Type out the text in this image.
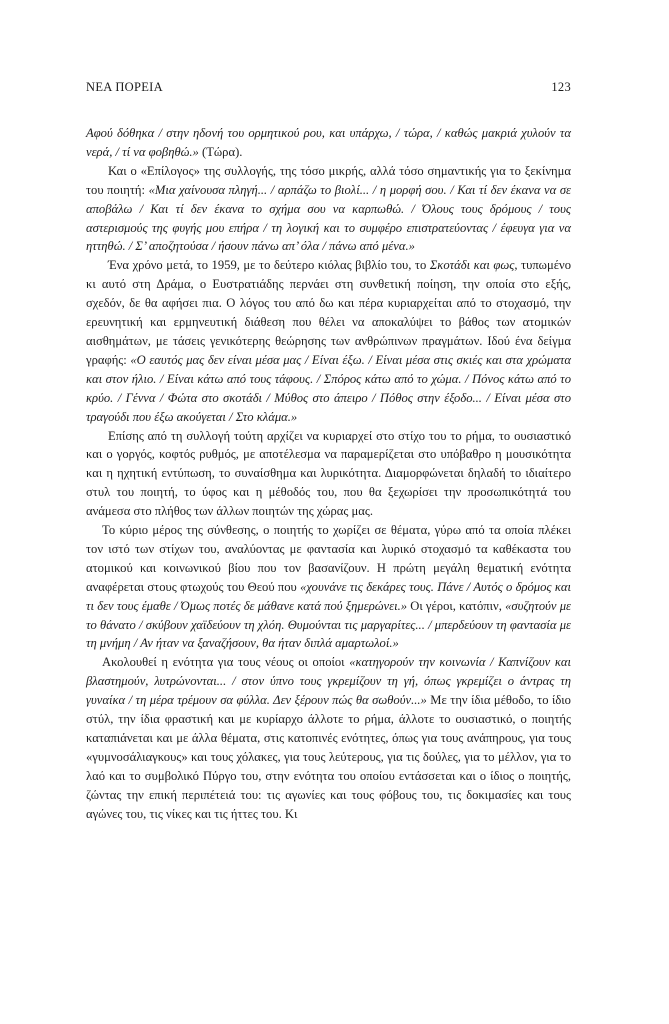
ΝΕΑ ΠΟΡΕΙΑ	123

Αφού δόθηκα / στην ηδονή του ορμητικού ρου, και υπάρχω, / τώρα, / καθώς μακριά χυλούν τα νερά, / τί να φοβηθώ.» (Τώρα).

Και ο «Επίλογος» της συλλογής, της τόσο μικρής, αλλά τόσο σημαντικής για το ξεκίνημα του ποιητή: «Μια χαίνουσα πληγή... / αρπάζω το βιολί... / η μορφή σου. / Και τί δεν έκανα να σε αποβάλω / Και τί δεν έκανα το σχήμα σου να καρπωθώ. / Όλους τους δρόμους / τους αστερισμούς της φυγής μου επήρα / τη λογική και το συμφέρο επιστρατεύοντας / έφευγα για να ηττηθώ. / Σ’ αποζητούσα / ήσουν πάνω απ’ όλα / πάνω από μένα.»

Ένα χρόνο μετά, το 1959, με το δεύτερο κιόλας βιβλίο του, το Σκοτάδι και φως, τυπωμένο κι αυτό στη Δράμα, ο Ευστρατιάδης περνάει στη συνθετική ποίηση, την οποία στο εξής, σχεδόν, δε θα αφήσει πια. Ο λόγος του από δω και πέρα κυριαρχείται από το στοχασμό, την ερευνητική και ερμηνευτική διάθεση που θέλει να αποκαλύψει το βάθος των ατομικών αισθημάτων, με τάσεις γενικότερης θεώρησης των ανθρώπινων πραγμάτων. Ιδού ένα δείγμα γραφής: «Ο εαυτός μας δεν είναι μέσα μας / Είναι έξω. / Είναι μέσα στις σκιές και στα χρώματα και στον ήλιο. / Είναι κάτω από τους τάφους. / Σπόρος κάτω από το χώμα. / Πόνος κάτω από το κρύο. / Γέννα / Φώτα στο σκοτάδι / Μύθος στο άπειρο / Πόθος στην έξοδο... / Είναι μέσα στο τραγούδι που έξω ακούγεται / Στο κλάμα.»

Επίσης από τη συλλογή τούτη αρχίζει να κυριαρχεί στο στίχο του το ρήμα, το ουσιαστικό και ο γοργός, κοφτός ρυθμός, με αποτέλεσμα να παραμερίζεται στο υπόβαθρο η μουσικότητα και η ηχητική εντύπωση, το συναίσθημα και λυρικότητα. Διαμορφώνεται δηλαδή το ιδιαίτερο στυλ του ποιητή, το ύφος και η μέθοδός του, που θα ξεχωρίσει την προσωπικότητά του ανάμεσα στο πλήθος των άλλων ποιητών της χώρας μας.

Το κύριο μέρος της σύνθεσης, ο ποιητής το χωρίζει σε θέματα, γύρω από τα οποία πλέκει τον ιστό των στίχων του, αναλύοντας με φαντασία και λυρικό στοχασμό τα καθέκαστα του ατομικού και κοινωνικού βίου που τον βασανίζουν. Η πρώτη μεγάλη θεματική ενότητα αναφέρεται στους φτωχούς του Θεού που «χουνάνε τις δεκάρες τους. Πάνε / Αυτός ο δρόμος και τι δεν τους έμαθε / Όμως ποτές δε μάθανε κατά πού ξημερώνει.» Οι γέροι, κατόπιν, «συζητούν με το θάνατο / σκύβουν χαϊδεύουν τη χλόη. Θυμούνται τις μαργαρίτες... / μπερδεύουν τη φαντασία με τη μνήμη / Αν ήταν να ξαναζήσουν, θα ήταν διπλά αμαρτωλοί.»

Ακολουθεί η ενότητα για τους νέους οι οποίοι «κατηγορούν την κοινωνία / Καπνίζουν και βλαστημούν, λυτρώνονται... / στον ύπνο τους γκρεμίζουν τη γή, όπως γκρεμίζει ο άντρας τη γυναίκα / τη μέρα τρέμουν σα φύλλα. Δεν ξέρουν πώς θα σωθούν...» Με την ίδια μέθοδο, το ίδιο στύλ, την ίδια φραστική και με κυρίαρχο άλλοτε το ρήμα, άλλοτε το ουσιαστικό, ο ποιητής καταπιάνεται και με άλλα θέματα, στις κατοπινές ενότητες, όπως για τους ανάπηρους, για τους «γυμνοσάλιαγκους» και τους χόλακες, για τους λεύτερους, για τις δούλες, για το μέλλον, για το λαό και το συμβολικό Πύργο του, στην ενότητα του οποίου εντάσσεται και ο ίδιος ο ποιητής, ζώντας την επική περιπέτειά του: τις αγωνίες και τους φόβους του, τις δοκιμασίες και τους αγώνες του, τις νίκες και τις ήττες του. Κι
